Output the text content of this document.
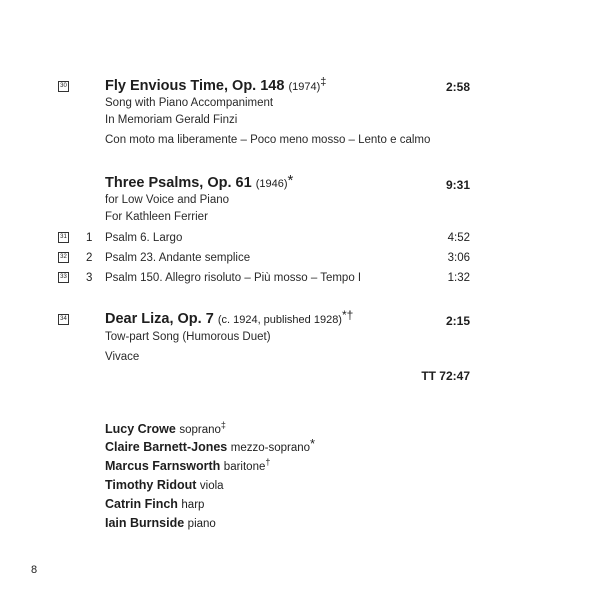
30	Fly Envious Time, Op. 148 (1974)‡	2:58
Song with Piano Accompaniment
In Memoriam Gerald Finzi
Con moto ma liberamente – Poco meno mosso – Lento e calmo
Three Psalms, Op. 61 (1946)*	9:31
for Low Voice and Piano
For Kathleen Ferrier
31 1 Psalm 6. Largo	4:52
32 2 Psalm 23. Andante semplice	3:06
33 3 Psalm 150. Allegro risoluto – Più mosso – Tempo I	1:32
34	Dear Liza, Op. 7 (c. 1924, published 1928)*†	2:15
Tow-part Song (Humorous Duet)
Vivace
TT 72:47
Lucy Crowe soprano‡
Claire Barnett-Jones mezzo-soprano*
Marcus Farnsworth baritone†
Timothy Ridout viola
Catrin Finch harp
Iain Burnside piano
8
